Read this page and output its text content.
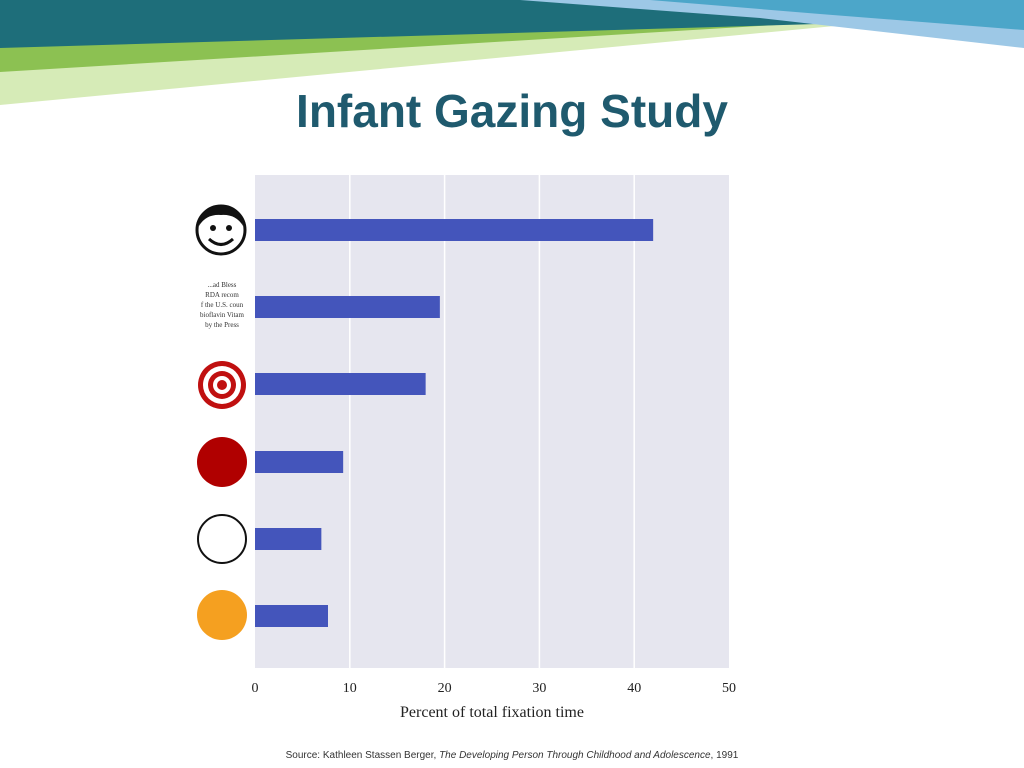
Infant Gazing Study
0	10	20	30	40	50
Percent of total fixation time
...ad Bless
RDA recom
f the U.S. coun
bioflavin Vitam
by the Press
Source: Kathleen Stassen Berger, The Developing Person Through Childhood and Adolescence, 1991
